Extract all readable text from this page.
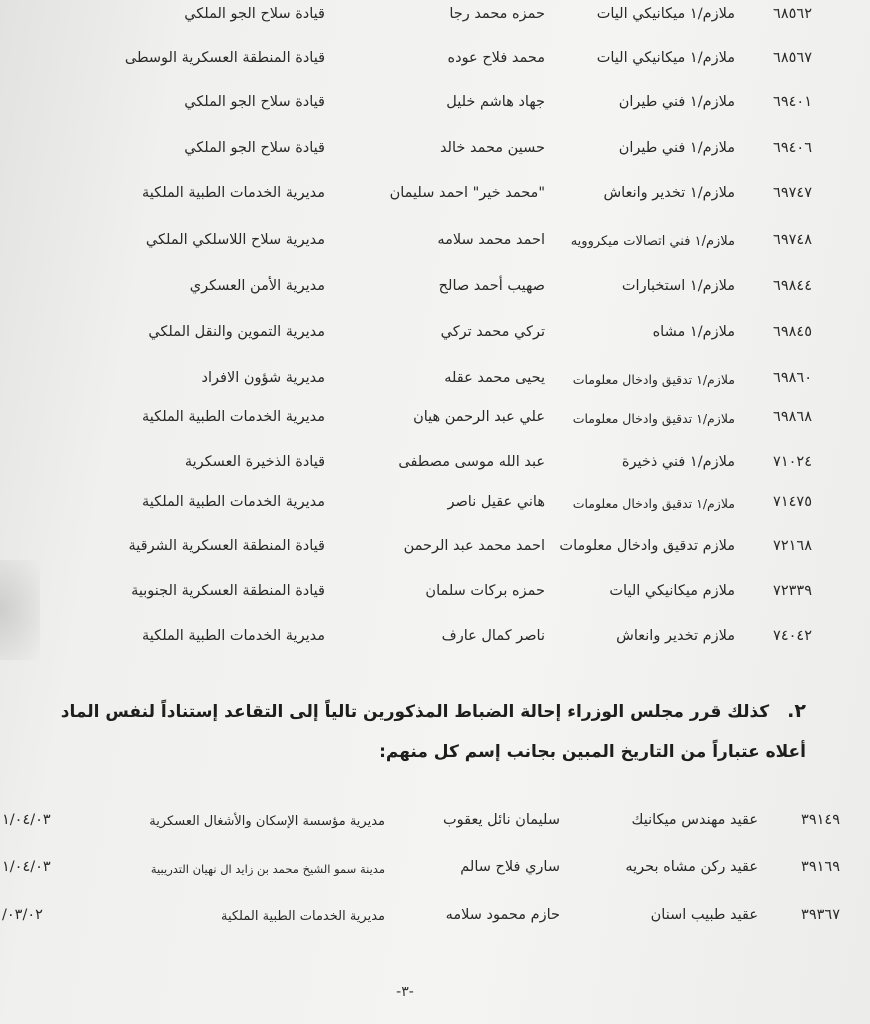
٦٨٥٦٢
ملازم/١ ميكانيكي اليات
حمزه محمد رجا
قيادة سلاح الجو الملكي
٦٨٥٦٧
ملازم/١ ميكانيكي اليات
محمد فلاح عوده
قيادة المنطقة العسكرية الوسطى
٦٩٤٠١
ملازم/١ فني طيران
جهاد هاشم خليل
قيادة سلاح الجو الملكي
٦٩٤٠٦
ملازم/١ فني طيران
حسين محمد خالد
قيادة سلاح الجو الملكي
٦٩٧٤٧
ملازم/١ تخدير وانعاش
"محمد خير" احمد سليمان
مديرية الخدمات الطبية الملكية
٦٩٧٤٨
ملازم/١ فني اتصالات ميكروويه
احمد محمد سلامه
مديرية سلاح اللاسلكي الملكي
٦٩٨٤٤
ملازم/١ استخبارات
صهيب أحمد صالح
مديرية الأمن العسكري
٦٩٨٤٥
ملازم/١ مشاه
تركي محمد تركي
مديرية التموين والنقل الملكي
٦٩٨٦٠
ملازم/١ تدقيق وادخال معلومات
يحيى محمد عقله
مديرية شؤون الافراد
٦٩٨٦٨
ملازم/١ تدقيق وادخال معلومات
علي عبد الرحمن هيان
مديرية الخدمات الطبية الملكية
٧١٠٢٤
ملازم/١ فني ذخيرة
عبد الله موسى مصطفى
قيادة الذخيرة العسكرية
٧١٤٧٥
ملازم/١ تدقيق وادخال معلومات
هاني عقيل ناصر
مديرية الخدمات الطبية الملكية
٧٢١٦٨
ملازم تدقيق وادخال معلومات
احمد محمد عبد الرحمن
قيادة المنطقة العسكرية الشرقية
٧٢٣٣٩
ملازم ميكانيكي اليات
حمزه بركات سلمان
قيادة المنطقة العسكرية الجنوبية
٧٤٠٤٢
ملازم تخدير وانعاش
ناصر كمال عارف
مديرية الخدمات الطبية الملكية
٢.كذلك قرر مجلس الوزراء إحالة الضباط المذكورين تالياً إلى التقاعد إستناداً لنفس الماد
أعلاه عتباراً من التاريخ المبين بجانب إسم كل منهم:
٣٩١٤٩
عقيد مهندس ميكانيك
سليمان نائل يعقوب
مديرية مؤسسة الإسكان والأشغال العسكرية
١/٠٤/٠٣
٣٩١٦٩
عقيد ركن مشاه بحريه
ساري فلاح سالم
مدينة سمو الشيخ محمد بن زايد ال نهيان التدريبية
١/٠٤/٠٣
٣٩٣٦٧
عقيد طبيب اسنان
حازم محمود سلامه
مديرية الخدمات الطبية الملكية
/٠٣/٠٢
-٣-
